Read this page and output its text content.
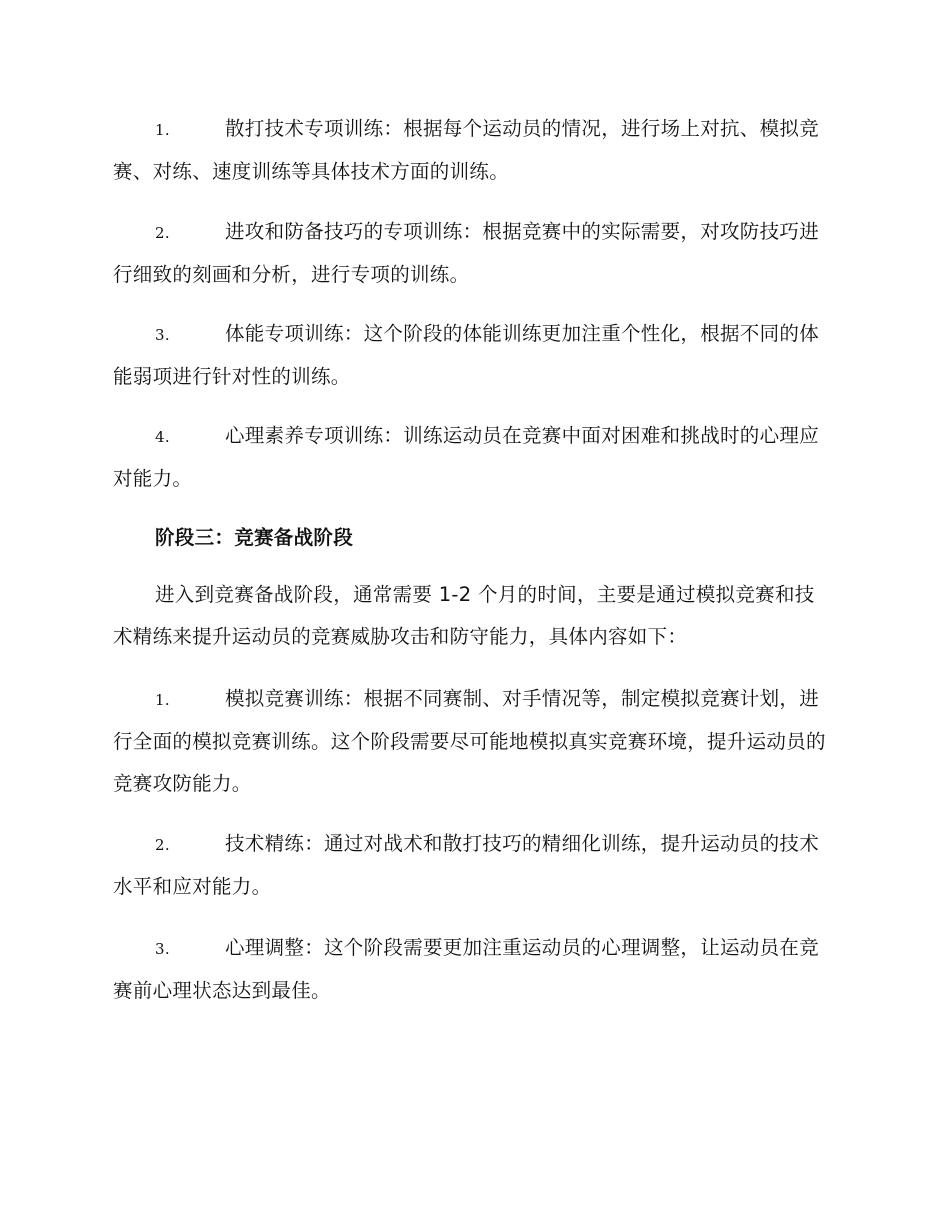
1.	散打技术专项训练：根据每个运动员的情况，进行场上对抗、模拟竞赛、对练、速度训练等具体技术方面的训练。

2.	进攻和防备技巧的专项训练：根据竞赛中的实际需要，对攻防技巧进行细致的刻画和分析，进行专项的训练。

3.	体能专项训练：这个阶段的体能训练更加注重个性化，根据不同的体能弱项进行针对性的训练。

4.	心理素养专项训练：训练运动员在竞赛中面对困难和挑战时的心理应对能力。

阶段三：竞赛备战阶段

进入到竞赛备战阶段，通常需要 1-2 个月的时间，主要是通过模拟竞赛和技术精练来提升运动员的竞赛威胁攻击和防守能力，具体内容如下：

1.	模拟竞赛训练：根据不同赛制、对手情况等，制定模拟竞赛计划，进行全面的模拟竞赛训练。这个阶段需要尽可能地模拟真实竞赛环境，提升运动员的竞赛攻防能力。

2.	技术精练：通过对战术和散打技巧的精细化训练，提升运动员的技术水平和应对能力。

3.	心理调整：这个阶段需要更加注重运动员的心理调整，让运动员在竞赛前心理状态达到最佳。
